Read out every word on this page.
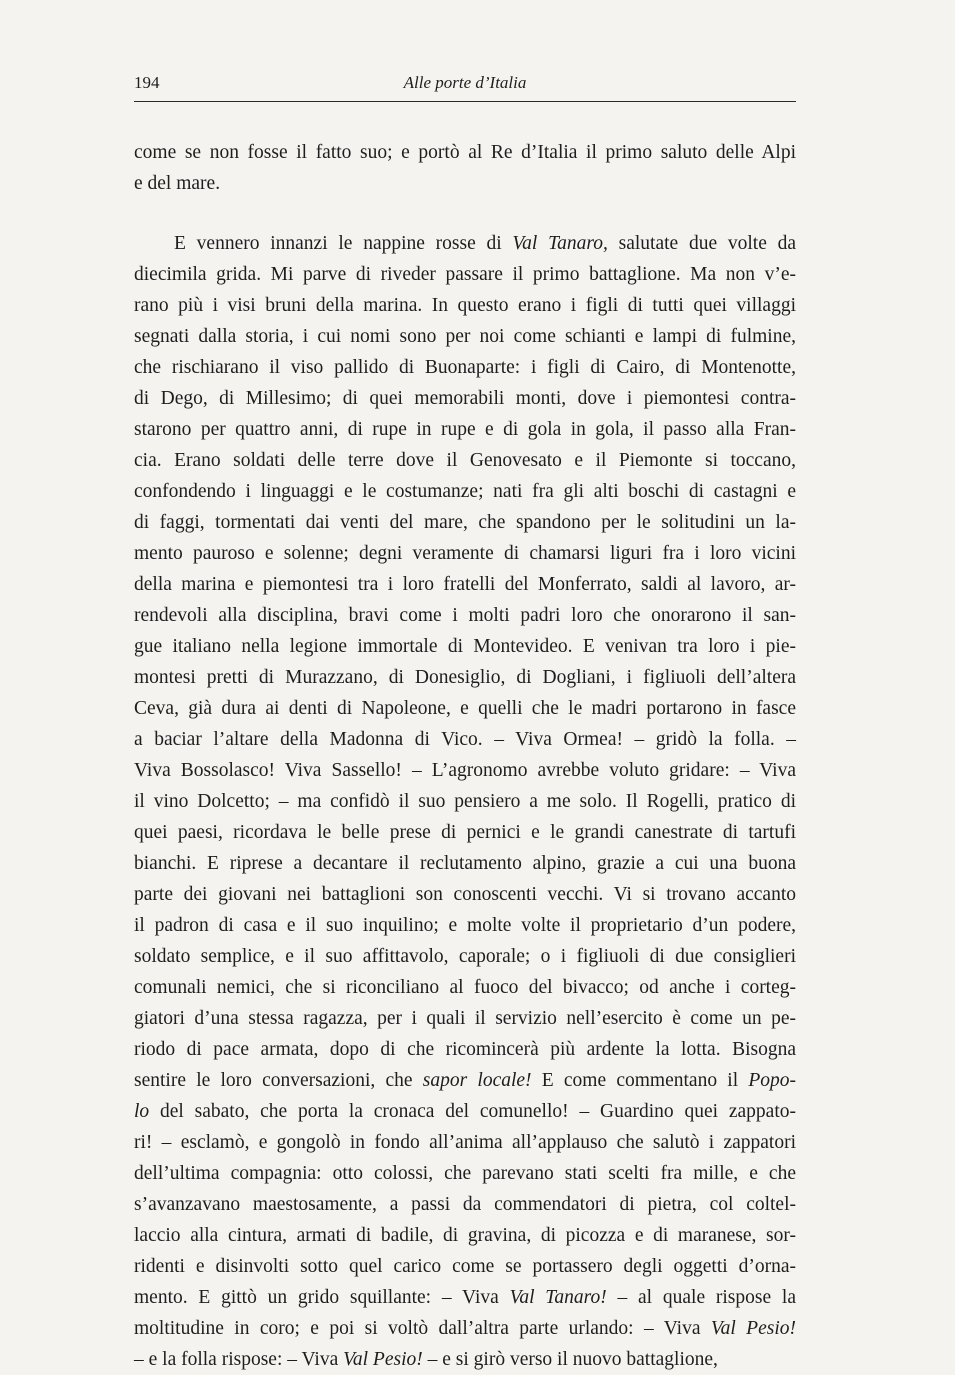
194	Alle porte d’Italia
come se non fosse il fatto suo; e portò al Re d’Italia il primo saluto delle Alpi
e del mare.
E vennero innanzi le nappine rosse di Val Tanaro, salutate due volte da
diecimila grida. Mi parve di riveder passare il primo battaglione. Ma non v’e-
rano più i visi bruni della marina. In questo erano i figli di tutti quei villaggi
segnati dalla storia, i cui nomi sono per noi come schianti e lampi di fulmine,
che rischiarano il viso pallido di Buonaparte: i figli di Cairo, di Montenotte,
di Dego, di Millesimo; di quei memorabili monti, dove i piemontesi contra-
starono per quattro anni, di rupe in rupe e di gola in gola, il passo alla Fran-
cia. Erano soldati delle terre dove il Genovesato e il Piemonte si toccano,
confondendo i linguaggi e le costumanze; nati fra gli alti boschi di castagni e
di faggi, tormentati dai venti del mare, che spandono per le solitudini un la-
mento pauroso e solenne; degni veramente di chamarsi liguri fra i loro vicini
della marina e piemontesi tra i loro fratelli del Monferrato, saldi al lavoro, ar-
rendevoli alla disciplina, bravi come i molti padri loro che onorarono il san-
gue italiano nella legione immortale di Montevideo. E venivan tra loro i pie-
montesi pretti di Murazzano, di Donesiglio, di Dogliani, i figliuoli dell’altera
Ceva, già dura ai denti di Napoleone, e quelli che le madri portarono in fasce
a baciar l’altare della Madonna di Vico. – Viva Ormea! – gridò la folla. –
Viva Bossolasco! Viva Sassello! – L’agronomo avrebbe voluto gridare: – Viva
il vino Dolcetto; – ma confidò il suo pensiero a me solo. Il Rogelli, pratico di
quei paesi, ricordava le belle prese di pernici e le grandi canestrate di tartufi
bianchi. E riprese a decantare il reclutamento alpino, grazie a cui una buona
parte dei giovani nei battaglioni son conoscenti vecchi. Vi si trovano accanto
il padron di casa e il suo inquilino; e molte volte il proprietario d’un podere,
soldato semplice, e il suo affittavolo, caporale; o i figliuoli di due consiglieri
comunali nemici, che si riconciliano al fuoco del bivacco; od anche i corteg-
giatori d’una stessa ragazza, per i quali il servizio nell’esercito è come un pe-
riodo di pace armata, dopo di che ricomincerà più ardente la lotta. Bisogna
sentire le loro conversazioni, che sapor locale! E come commentano il Popo-
lo del sabato, che porta la cronaca del comunello! – Guardino quei zappato-
ri! – esclamò, e gongolò in fondo all’anima all’applauso che salutò i zappatori
dell’ultima compagnia: otto colossi, che parevano stati scelti fra mille, e che
s’avanzavano maestosamente, a passi da commendatori di pietra, col coltel-
laccio alla cintura, armati di badile, di gravina, di picozza e di maranese, sor-
ridenti e disinvolti sotto quel carico come se portassero degli oggetti d’orna-
mento. E gittò un grido squillante: – Viva Val Tanaro! – al quale rispose la
moltitudine in coro; e poi si voltò dall’altra parte urlando: – Viva Val Pesio!
– e la folla rispose: – Viva Val Pesio! – e si girò verso il nuovo battaglione,
